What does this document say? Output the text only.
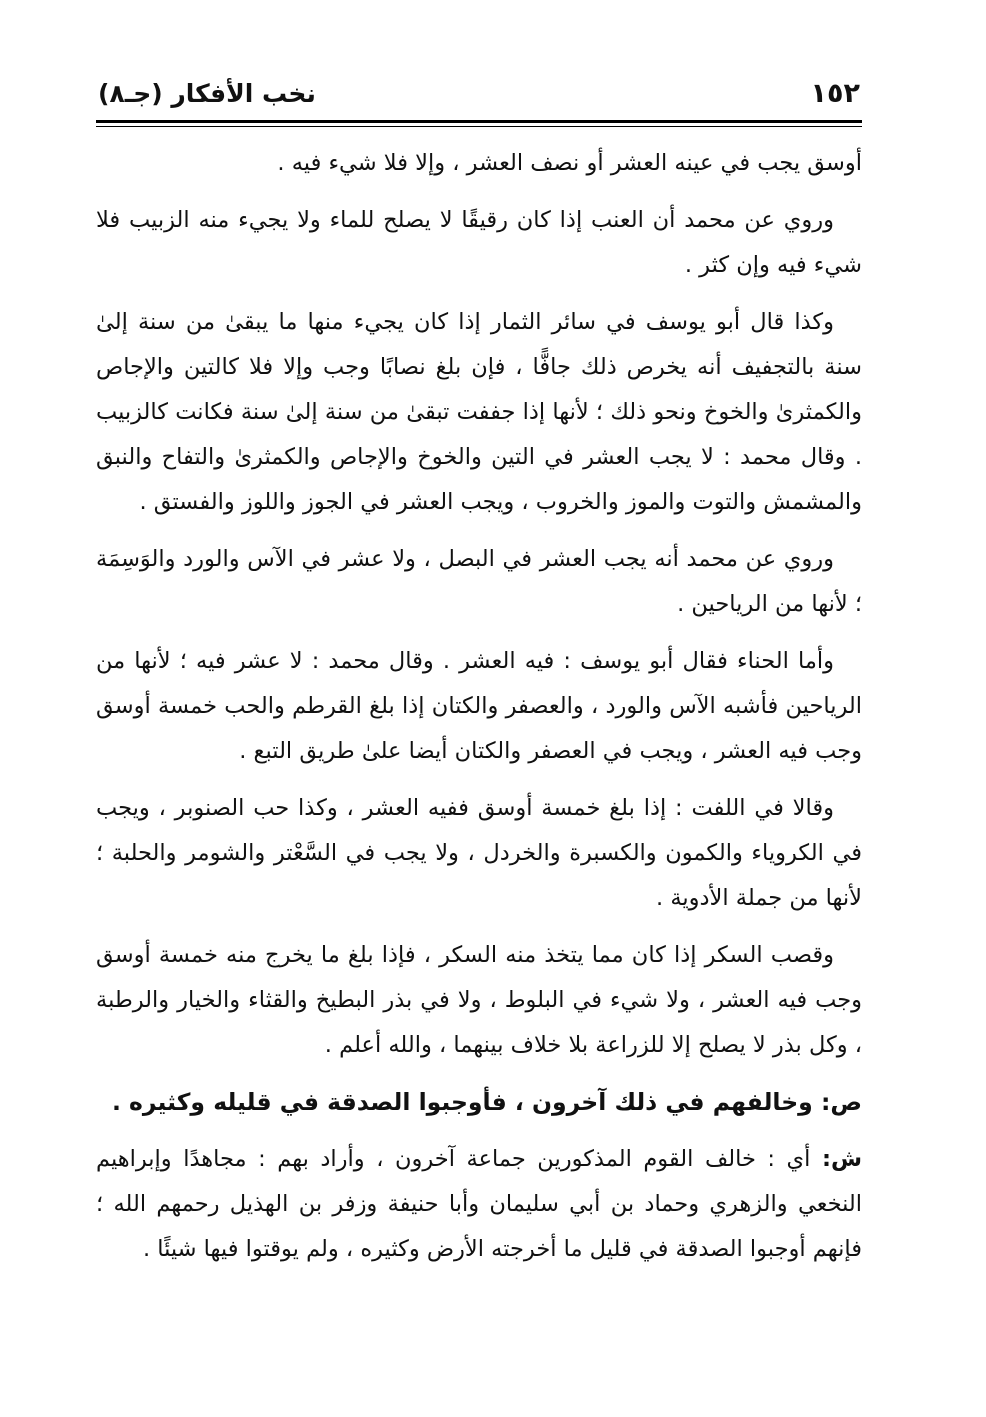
١٥٢
نخب الأفكار (جـ٨)

أوسق يجب في عينه العشر أو نصف العشر ، وإلا فلا شيء فيه .

وروي عن محمد أن العنب إذا كان رقيقًا لا يصلح للماء ولا يجيء منه الزبيب فلا شيء فيه وإن كثر .

وكذا قال أبو يوسف في سائر الثمار إذا كان يجيء منها ما يبقىٰ من سنة إلىٰ سنة بالتجفيف أنه يخرص ذلك جافًّا ، فإن بلغ نصابًا وجب وإلا فلا كالتين والإجاص والكمثرىٰ والخوخ ونحو ذلك ؛ لأنها إذا جففت تبقىٰ من سنة إلىٰ سنة فكانت كالزبيب . وقال محمد : لا يجب العشر في التين والخوخ والإجاص والكمثرىٰ والتفاح والنبق والمشمش والتوت والموز والخروب ، ويجب العشر في الجوز واللوز والفستق .

وروي عن محمد أنه يجب العشر في البصل ، ولا عشر في الآس والورد والوَسِمَة ؛ لأنها من الرياحين .

وأما الحناء فقال أبو يوسف : فيه العشر . وقال محمد : لا عشر فيه ؛ لأنها من الرياحين فأشبه الآس والورد ، والعصفر والكتان إذا بلغ القرطم والحب خمسة أوسق وجب فيه العشر ، ويجب في العصفر والكتان أيضا علىٰ طريق التبع .

وقالا في اللفت : إذا بلغ خمسة أوسق ففيه العشر ، وكذا حب الصنوبر ، ويجب في الكروياء والكمون والكسبرة والخردل ، ولا يجب في السَّعْتر والشومر والحلبة ؛ لأنها من جملة الأدوية .

وقصب السكر إذا كان مما يتخذ منه السكر ، فإذا بلغ ما يخرج منه خمسة أوسق وجب فيه العشر ، ولا شيء في البلوط ، ولا في بذر البطيخ والقثاء والخيار والرطبة ، وكل بذر لا يصلح إلا للزراعة بلا خلاف بينهما ، والله أعلم .

ص: وخالفهم في ذلك آخرون ، فأوجبوا الصدقة في قليله وكثيره .

ش: أي : خالف القوم المذكورين جماعة آخرون ، وأراد بهم : مجاهدًا وإبراهيم النخعي والزهري وحماد بن أبي سليمان وأبا حنيفة وزفر بن الهذيل رحمهم الله ؛ فإنهم أوجبوا الصدقة في قليل ما أخرجته الأرض وكثيره ، ولم يوقتوا فيها شيئًا .
